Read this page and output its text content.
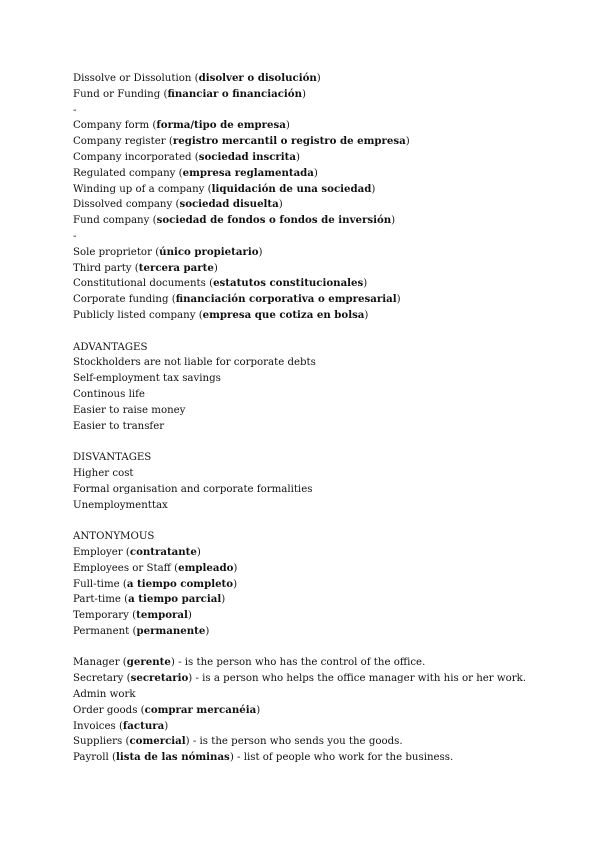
Dissolve or Dissolution (disolver o disolución)
Fund or Funding (financiar o financiación)
-
Company form (forma/tipo de empresa)
Company register (registro mercantil o registro de empresa)
Company incorporated (sociedad inscrita)
Regulated company (empresa reglamentada)
Winding up of a company (liquidación de una sociedad)
Dissolved company (sociedad disuelta)
Fund company (sociedad de fondos o fondos de inversión)
-
Sole proprietor (único propietario)
Third party (tercera parte)
Constitutional documents (estatutos constitucionales)
Corporate funding (financiación corporativa o empresarial)
Publicly listed company (empresa que cotiza en bolsa)
ADVANTAGES
Stockholders are not liable for corporate debts
Self-employment tax savings
Continous life
Easier to raise money
Easier to transfer
DISVANTAGES
Higher cost
Formal organisation and corporate formalities
Unemploymenttax
ANTONYMOUS
Employer (contratante)
Employees or Staff (empleado)
Full-time (a tiempo completo)
Part-time (a tiempo parcial)
Temporary (temporal)
Permanent (permanente)
Manager (gerente) - is the person who has the control of the office.
Secretary (secretario) - is a person who helps the office manager with his or her work.
Admin work
Order goods (comprar mercanéia)
Invoices (factura)
Suppliers (comercial) - is the person who sends you the goods.
Payroll (lista de las nóminas) - list of people who work for the business.
